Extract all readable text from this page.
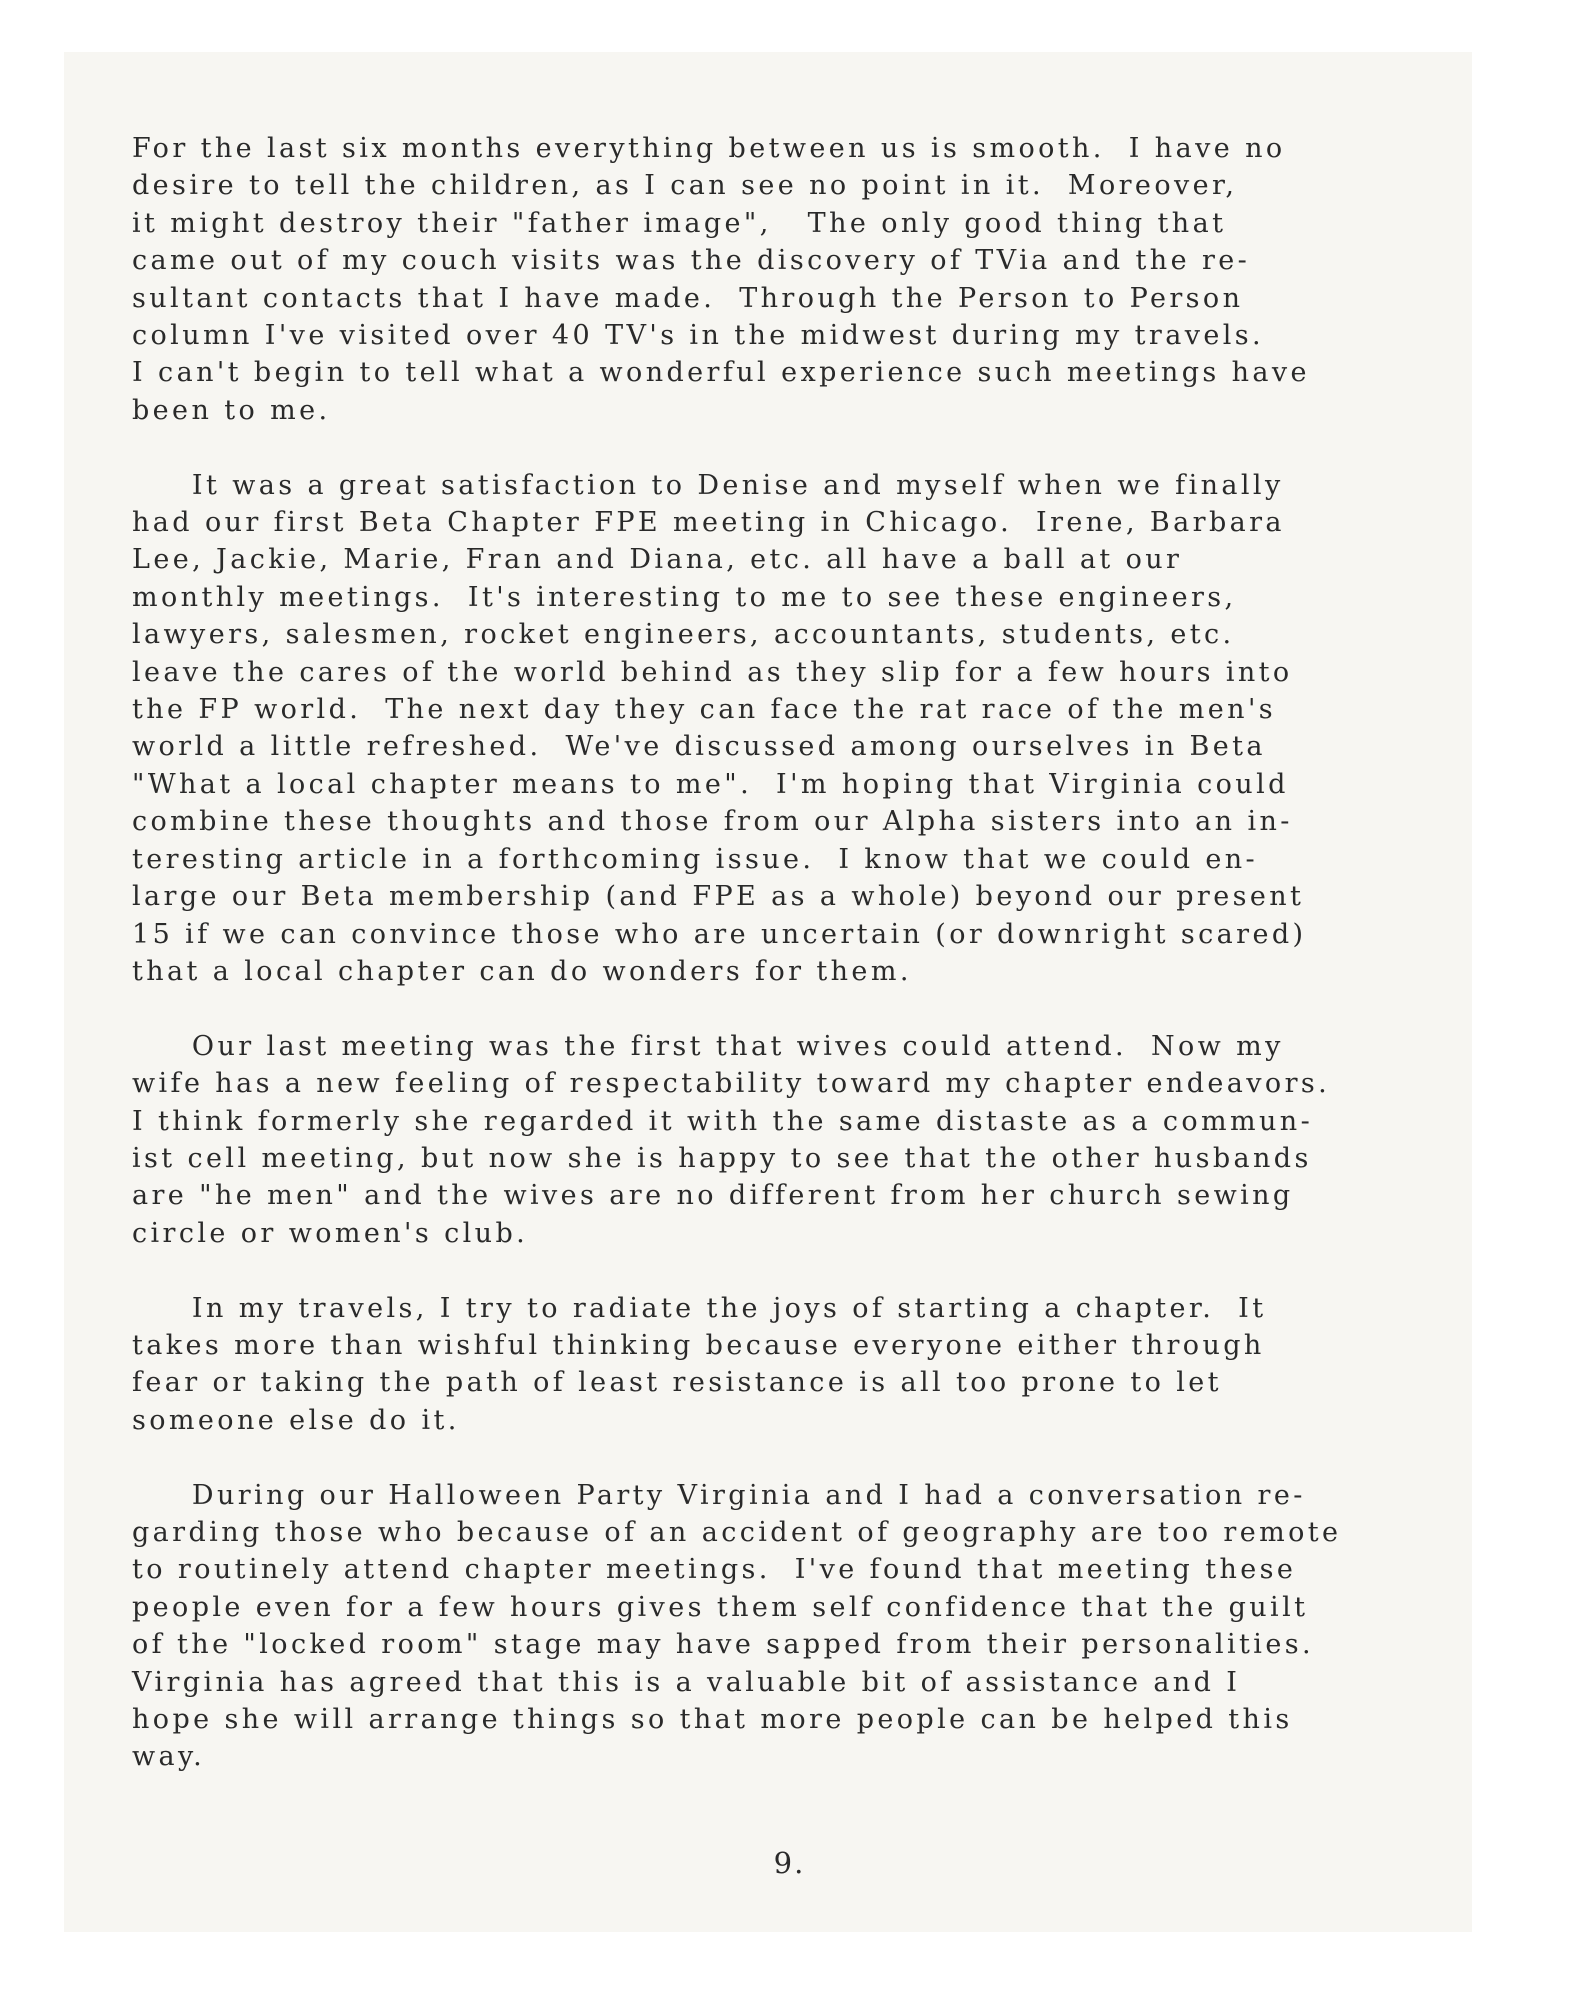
For the last six months everything between us is smooth.  I have no
desire to tell the children, as I can see no point in it.  Moreover,
it might destroy their "father image",   The only good thing that
came out of my couch visits was the discovery of TVia and the re-
sultant contacts that I have made.  Through the Person to Person
column I've visited over 40 TV's in the midwest during my travels.
I can't begin to tell what a wonderful experience such meetings have
been to me.
It was a great satisfaction to Denise and myself when we finally
had our first Beta Chapter FPE meeting in Chicago.  Irene, Barbara
Lee, Jackie, Marie, Fran and Diana, etc. all have a ball at our
monthly meetings.  It's interesting to me to see these engineers,
lawyers, salesmen, rocket engineers, accountants, students, etc.
leave the cares of the world behind as they slip for a few hours into
the FP world.  The next day they can face the rat race of the men's
world a little refreshed.  We've discussed among ourselves in Beta
"What a local chapter means to me".  I'm hoping that Virginia could
combine these thoughts and those from our Alpha sisters into an in-
teresting article in a forthcoming issue.  I know that we could en-
large our Beta membership (and FPE as a whole) beyond our present
15 if we can convince those who are uncertain (or downright scared)
that a local chapter can do wonders for them.
Our last meeting was the first that wives could attend.  Now my
wife has a new feeling of respectability toward my chapter endeavors.
I think formerly she regarded it with the same distaste as a commun-
ist cell meeting, but now she is happy to see that the other husbands
are "he men" and the wives are no different from her church sewing
circle or women's club.
In my travels, I try to radiate the joys of starting a chapter.  It
takes more than wishful thinking because everyone either through
fear or taking the path of least resistance is all too prone to let
someone else do it.
During our Halloween Party Virginia and I had a conversation re-
garding those who because of an accident of geography are too remote
to routinely attend chapter meetings.  I've found that meeting these
people even for a few hours gives them self confidence that the guilt
of the "locked room" stage may have sapped from their personalities.
Virginia has agreed that this is a valuable bit of assistance and I
hope she will arrange things so that more people can be helped this
way.
9.
